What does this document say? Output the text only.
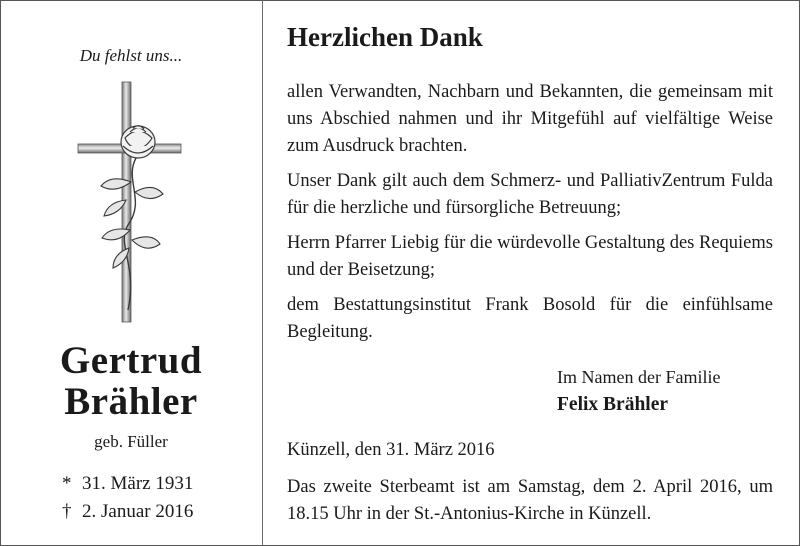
Du fehlst uns...
Gertrud
Brähler
geb. Füller
* 31. März 1931
† 2. Januar 2016
Herzlichen Dank

allen Verwandten, Nachbarn und Bekannten, die gemeinsam mit uns Abschied nahmen und ihr Mitgefühl auf vielfältige Weise zum Ausdruck brachten.

Unser Dank gilt auch dem Schmerz- und PalliativZentrum Fulda für die herzliche und fürsorgliche Betreuung;

Herrn Pfarrer Liebig für die würdevolle Gestaltung des Requiems und der Beisetzung;

dem Bestattungsinstitut Frank Bosold für die einfühlsame Begleitung.

Im Namen der Familie
Felix Brähler
Künzell, den 31. März 2016
Das zweite Sterbeamt ist am Samstag, dem 2. April 2016, um 18.15 Uhr in der St.-Antonius-Kirche in Künzell.
